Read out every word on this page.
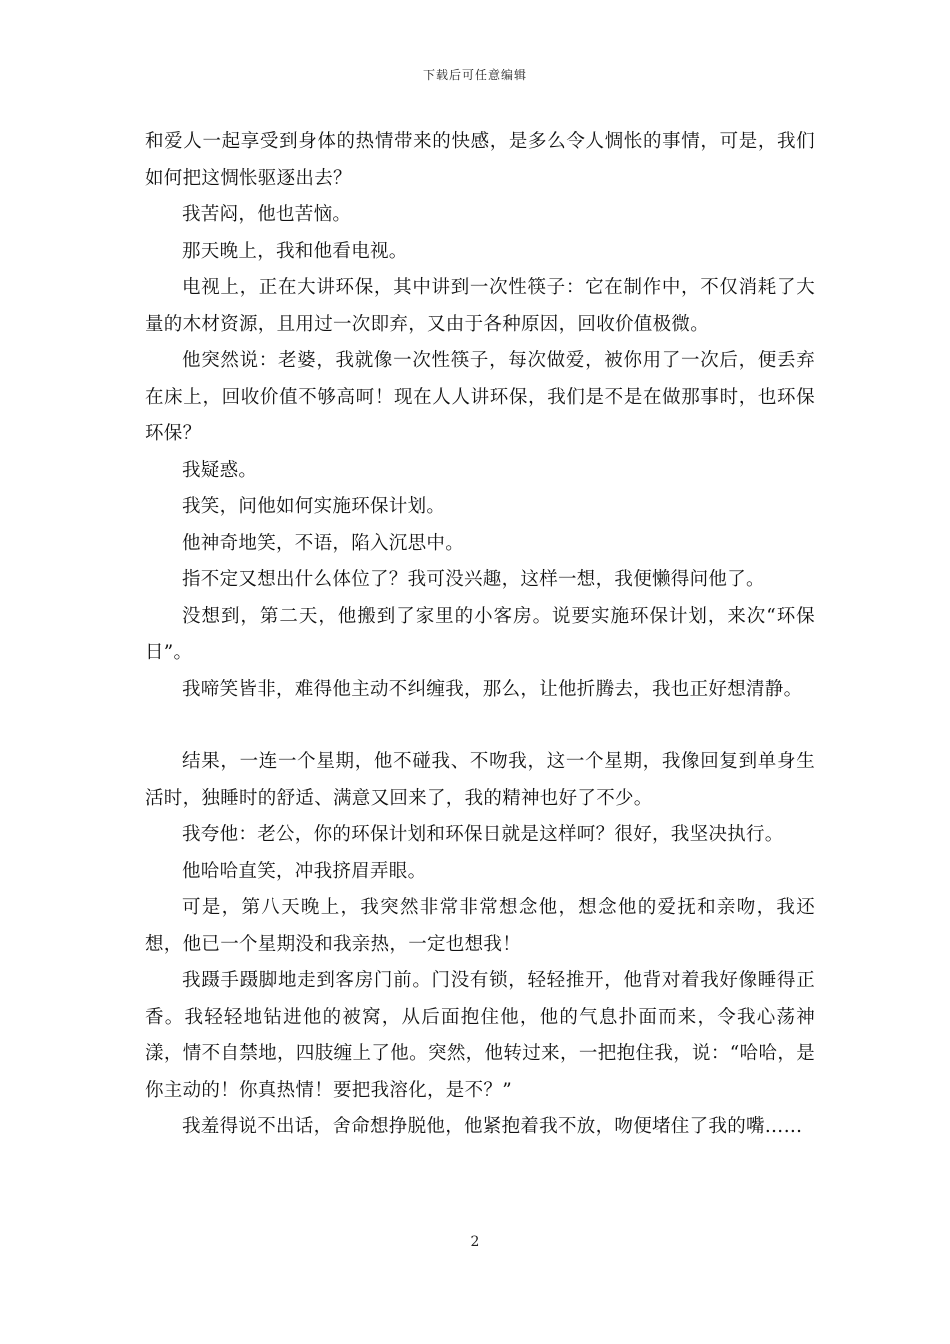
下载后可任意编辑

和爱人一起享受到身体的热情带来的快感，是多么令人惆怅的事情，可是，我们如何把这惆怅驱逐出去？

我苦闷，他也苦恼。

那天晚上，我和他看电视。

电视上，正在大讲环保，其中讲到一次性筷子：它在制作中，不仅消耗了大量的木材资源，且用过一次即弃，又由于各种原因，回收价值极微。

他突然说：老婆，我就像一次性筷子，每次做爱，被你用了一次后，便丢弃在床上，回收价值不够高呵！现在人人讲环保，我们是不是在做那事时，也环保环保？

我疑惑。

我笑，问他如何实施环保计划。

他神奇地笑，不语，陷入沉思中。

指不定又想出什么体位了？我可没兴趣，这样一想，我便懒得问他了。

没想到，第二天，他搬到了家里的小客房。说要实施环保计划，来次“环保日”。

我啼笑皆非，难得他主动不纠缠我，那么，让他折腾去，我也正好想清静。

结果，一连一个星期，他不碰我、不吻我，这一个星期，我像回复到单身生活时，独睡时的舒适、满意又回来了，我的精神也好了不少。

我夸他：老公，你的环保计划和环保日就是这样呵？很好，我坚决执行。

他哈哈直笑，冲我挤眉弄眼。

可是，第八天晚上，我突然非常非常想念他，想念他的爱抚和亲吻，我还想，他已一个星期没和我亲热，一定也想我！

我蹑手蹑脚地走到客房门前。门没有锁，轻轻推开，他背对着我好像睡得正香。我轻轻地钻进他的被窝，从后面抱住他，他的气息扑面而来，令我心荡神漾，情不自禁地，四肢缠上了他。突然，他转过来，一把抱住我，说：“哈哈，是你主动的！你真热情！要把我溶化，是不？”

我羞得说不出话，舍命想挣脱他，他紧抱着我不放，吻便堵住了我的嘴……

2
